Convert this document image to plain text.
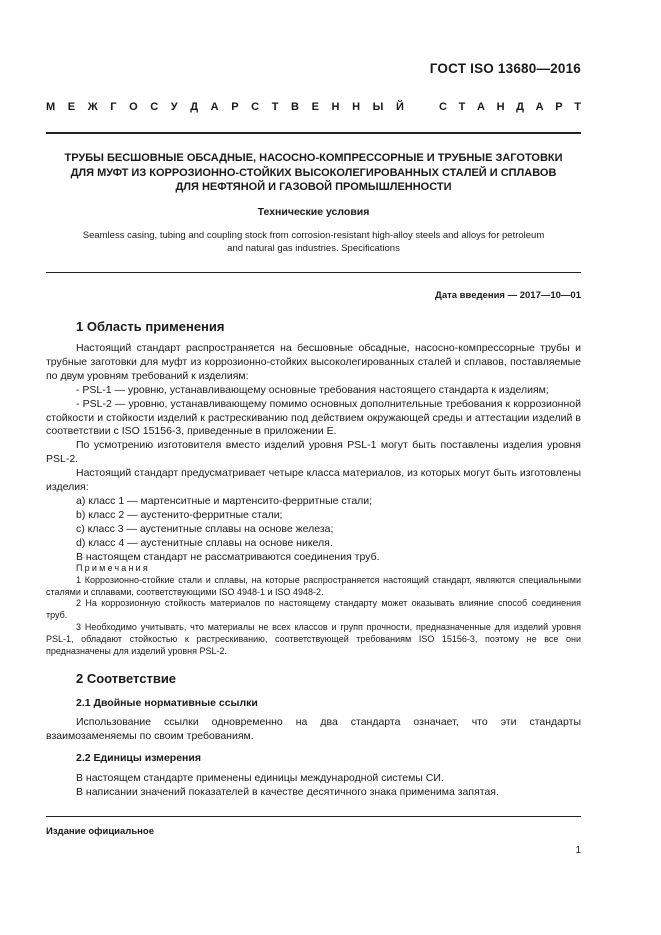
ГОСТ ISO 13680—2016
М Е Ж Г О С У Д А Р С Т В Е Н Н Ы Й	С Т А Н Д А Р Т
ТРУБЫ БЕСШОВНЫЕ ОБСАДНЫЕ, НАСОСНО-КОМПРЕССОРНЫЕ И ТРУБНЫЕ ЗАГОТОВКИ
ДЛЯ МУФТ ИЗ КОРРОЗИОННО-СТОЙКИХ ВЫСОКОЛЕГИРОВАННЫХ СТАЛЕЙ И СПЛАВОВ
ДЛЯ НЕФТЯНОЙ И ГАЗОВОЙ ПРОМЫШЛЕННОСТИ
Технические условия
Seamless casing, tubing and coupling stock from corrosion-resistant high-alloy steels and alloys for petroleum
and natural gas industries. Specifications
Дата введения — 2017—10—01
1 Область применения

Настоящий стандарт распространяется на бесшовные обсадные, насосно-компрессорные трубы и трубные заготовки для муфт из коррозионно-стойких высоколегированных сталей и сплавов, поставляемые по двум уровням требований к изделиям:

- PSL-1 — уровню, устанавливающему основные требования настоящего стандарта к изделиям;

- PSL-2 — уровню, устанавливающему помимо основных дополнительные требования к коррозионной стойкости и стойкости изделий к растрескиванию под действием окружающей среды и аттестации изделий в соответствии с ISO 15156-3, приведенные в приложении Е.

По усмотрению изготовителя вместо изделий уровня PSL-1 могут быть поставлены изделия уровня PSL-2.

Настоящий стандарт предусматривает четыре класса материалов, из которых могут быть изготовлены изделия:

а) класс 1 — мартенситные и мартенсито-ферритные стали;

b) класс 2 — аустенито-ферритные стали;

c) класс 3 — аустенитные сплавы на основе железа;

d) класс 4 — аустенитные сплавы на основе никеля.

В настоящем стандарт не рассматриваются соединения труб.

Примечания

1 Коррозионно-стойкие стали и сплавы, на которые распространяется настоящий стандарт, являются специальными сталями и сплавами, соответствующими ISO 4948-1 и ISO 4948-2.

2 На коррозионную стойкость материалов по настоящему стандарту может оказывать влияние способ соединения труб.

3 Необходимо учитывать, что материалы не всех классов и групп прочности, предназначенные для изделий уровня PSL-1, обладают стойкостью к растрескиванию, соответствующей требованиям ISO 15156-3, поэтому не все они предназначены для изделий уровня PSL-2.

2 Соответствие
2.1 Двойные нормативные ссылки

Использование ссылки одновременно на два стандарта означает, что эти стандарты взаимозаменяемы по своим требованиям.

2.2 Единицы измерения

В настоящем стандарте применены единицы международной системы СИ.

В написании значений показателей в качестве десятичного знака применима запятая.

Издание официальное
1
